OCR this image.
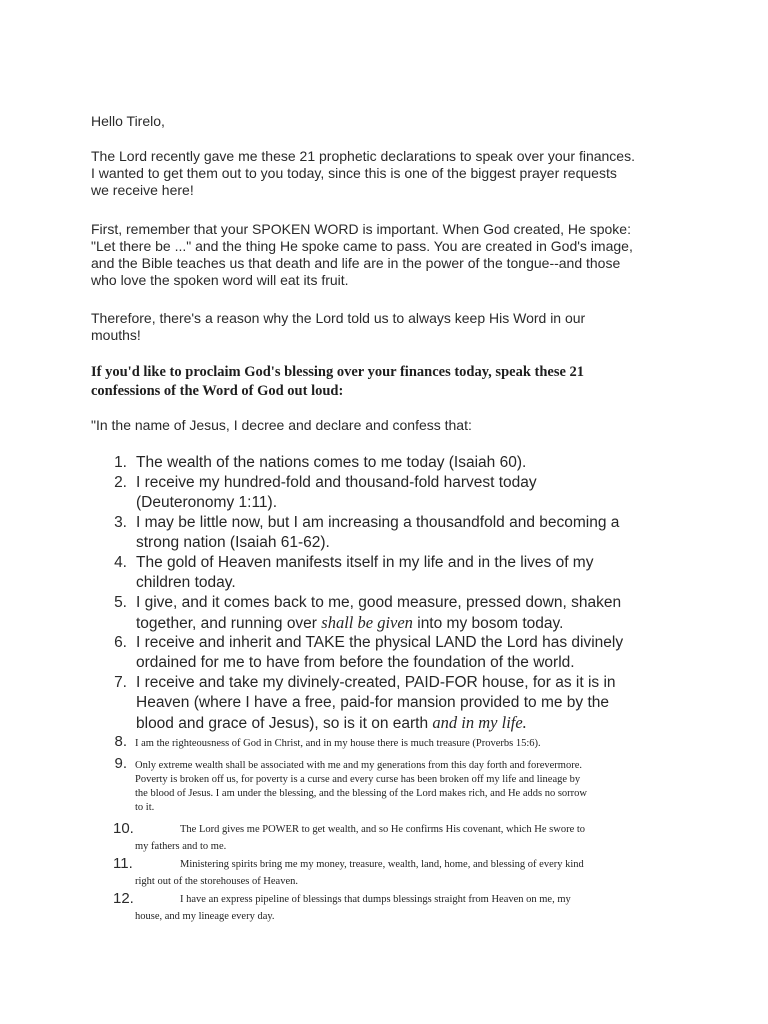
Hello Tirelo,

The Lord recently gave me these 21 prophetic declarations to speak over your finances.
I wanted to get them out to you today, since this is one of the biggest prayer requests
we receive here!
First, remember that your SPOKEN WORD is important. When God created, He spoke:
"Let there be ..." and the thing He spoke came to pass. You are created in God's image,
and the Bible teaches us that death and life are in the power of the tongue--and those
who love the spoken word will eat its fruit.
Therefore, there's a reason why the Lord told us to always keep His Word in our
mouths!
If you'd like to proclaim God's blessing over your finances today, speak these 21
confessions of the Word of God out loud:

"In the name of Jesus, I decree and declare and confess that:

1. The wealth of the nations comes to me today (Isaiah 60).
2. I receive my hundred-fold and thousand-fold harvest today
(Deuteronomy 1:11).
3. I may be little now, but I am increasing a thousandfold and becoming a
strong nation (Isaiah 61-62).
4. The gold of Heaven manifests itself in my life and in the lives of my
children today.
5. I give, and it comes back to me, good measure, pressed down, shaken
together, and running over shall be given into my bosom today.
6. I receive and inherit and TAKE the physical LAND the Lord has divinely
ordained for me to have from before the foundation of the world.
7. I receive and take my divinely-created, PAID-FOR house, for as it is in
Heaven (where I have a free, paid-for mansion provided to me by the
blood and grace of Jesus), so is it on earth and in my life.
8. I am the righteousness of God in Christ, and in my house there is much treasure (Proverbs 15:6).
9. Only extreme wealth shall be associated with me and my generations from this day forth and forevermore.
Poverty is broken off us, for poverty is a curse and every curse has been broken off my life and lineage by
the blood of Jesus. I am under the blessing, and the blessing of the Lord makes rich, and He adds no sorrow
to it.
10.	The Lord gives me POWER to get wealth, and so He confirms His covenant, which He swore to
my fathers and to me.
11.	Ministering spirits bring me my money, treasure, wealth, land, home, and blessing of every kind
right out of the storehouses of Heaven.
12.	I have an express pipeline of blessings that dumps blessings straight from Heaven on me, my
house, and my lineage every day.
